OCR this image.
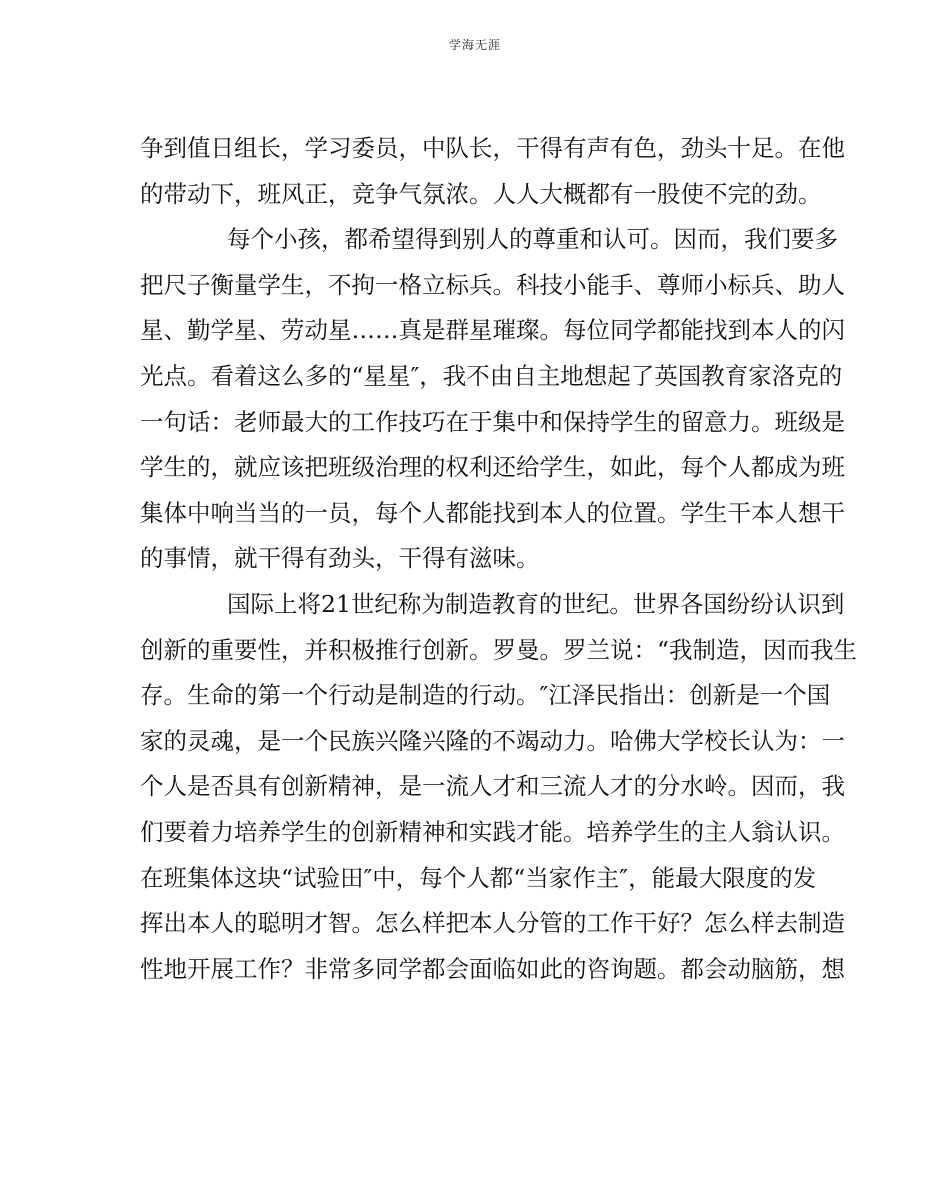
学海无涯
争到值日组长，学习委员，中队长，干得有声有色，劲头十足。在他
的带动下，班风正，竞争气氛浓。人人大概都有一股使不完的劲。
每个小孩，都希望得到别人的尊重和认可。因而，我们要多
把尺子衡量学生，不拘一格立标兵。科技小能手、尊师小标兵、助人
星、勤学星、劳动星……真是群星璀璨。每位同学都能找到本人的闪
光点。看着这么多的“星星″，我不由自主地想起了英国教育家洛克的
一句话：老师最大的工作技巧在于集中和保持学生的留意力。班级是
学生的，就应该把班级治理的权利还给学生，如此，每个人都成为班
集体中响当当的一员，每个人都能找到本人的位置。学生干本人想干
的事情，就干得有劲头，干得有滋味。
国际上将21世纪称为制造教育的世纪。世界各国纷纷认识到
创新的重要性，并积极推行创新。罗曼。罗兰说：“我制造，因而我生
存。生命的第一个行动是制造的行动。″江泽民指出：创新是一个国
家的灵魂，是一个民族兴隆兴隆的不竭动力。哈佛大学校长认为：一
个人是否具有创新精神，是一流人才和三流人才的分水岭。因而，我
们要着力培养学生的创新精神和实践才能。培养学生的主人翁认识。
在班集体这块“试验田″中，每个人都“当家作主″，能最大限度的发
挥出本人的聪明才智。怎么样把本人分管的工作干好？怎么样去制造
性地开展工作？非常多同学都会面临如此的咨询题。都会动脑筋，想
